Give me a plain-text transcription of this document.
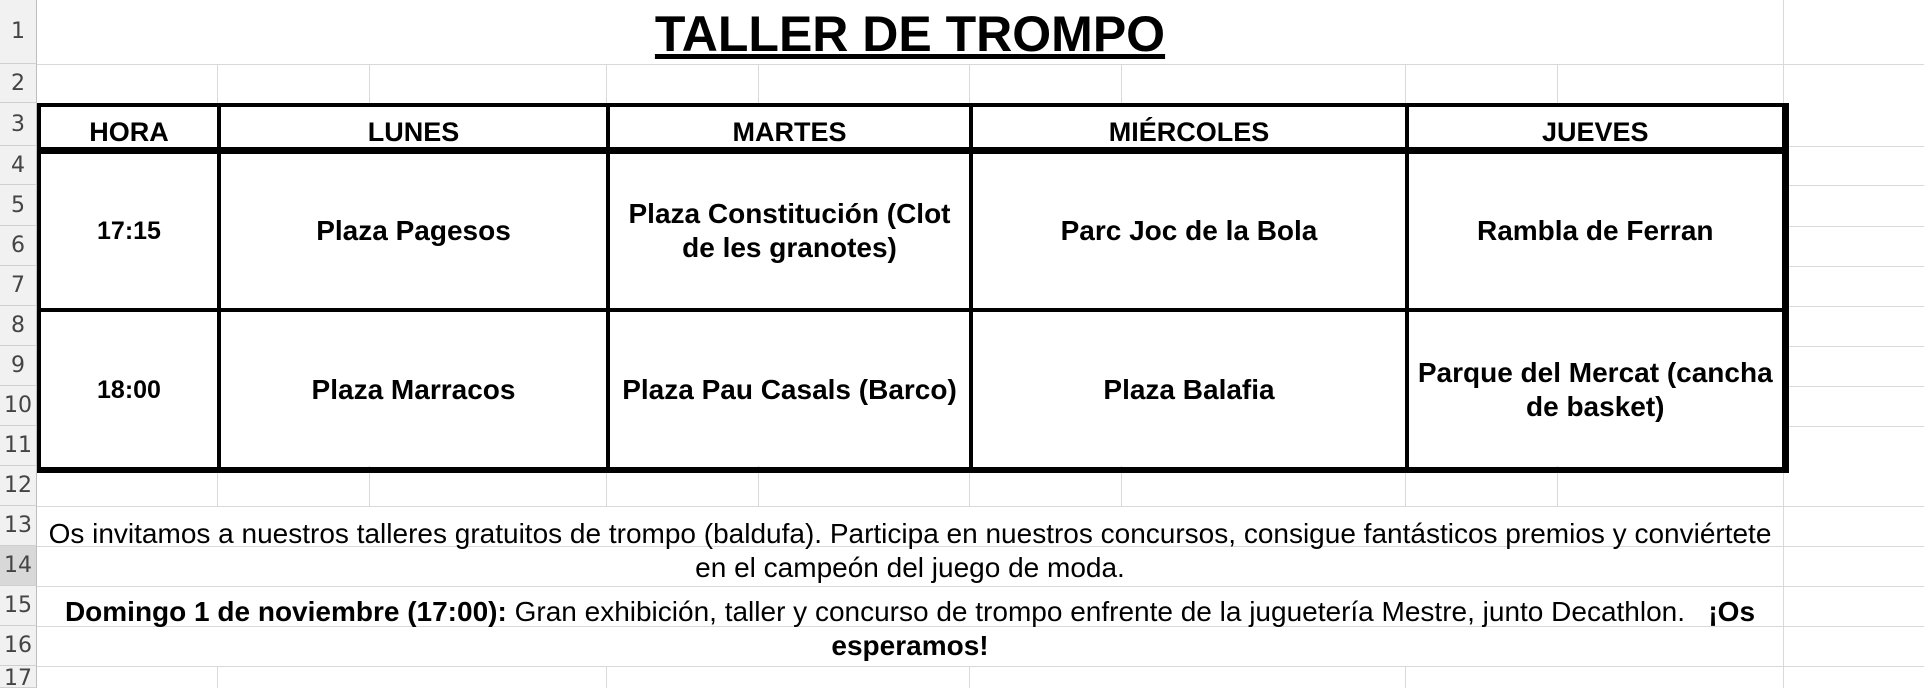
1
2
3
4
5
6
7
8
9
10
11
12
13
14
15
16
17
TALLER DE TROMPO
HORA	LUNES	MARTES	MIÉRCOLES	JUEVES
17:15	Plaza Pagesos	Plaza Constitución (Clot de les granotes)	Parc Joc de la Bola	Rambla de Ferran
18:00	Plaza Marracos	Plaza Pau Casals (Barco)	Plaza Balafia	Parque del Mercat (cancha de basket)
Os invitamos a nuestros talleres gratuitos de trompo (baldufa). Participa en nuestros concursos, consigue fantásticos premios y conviértete en el campeón del juego de moda.
Domingo 1 de noviembre (17:00): Gran exhibición, taller y concurso de trompo enfrente de la juguetería Mestre, junto Decathlon. ¡Os esperamos!
